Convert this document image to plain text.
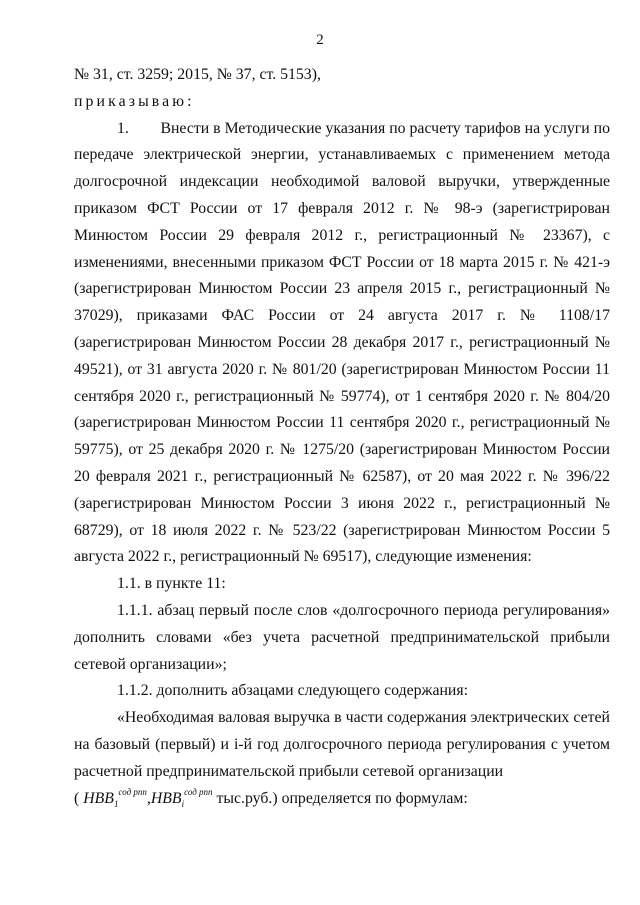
2

№ 31, ст. 3259; 2015, № 37, ст. 5153),

приказываю:

1.  Внести в Методические указания по расчету тарифов на услуги по передаче электрической энергии, устанавливаемых с применением метода долгосрочной индексации необходимой валовой выручки, утвержденные приказом ФСТ России от 17 февраля 2012 г. № 98-э (зарегистрирован Минюстом России 29 февраля 2012 г., регистрационный № 23367), с изменениями, внесенными приказом ФСТ России от 18 марта 2015 г. № 421-э (зарегистрирован Минюстом России 23 апреля 2015 г., регистрационный № 37029), приказами ФАС России от 24 августа 2017 г. № 1108/17 (зарегистрирован Минюстом России 28 декабря 2017 г., регистрационный № 49521), от 31 августа 2020 г. № 801/20 (зарегистрирован Минюстом России 11 сентября 2020 г., регистрационный № 59774), от 1 сентября 2020 г. № 804/20 (зарегистрирован Минюстом России 11 сентября 2020 г., регистрационный № 59775), от 25 декабря 2020 г. № 1275/20 (зарегистрирован Минюстом России 20 февраля 2021 г., регистрационный № 62587), от 20 мая 2022 г. № 396/22 (зарегистрирован Минюстом России 3 июня 2022 г., регистрационный № 68729), от 18 июля 2022 г. № 523/22 (зарегистрирован Минюстом России 5 августа 2022 г., регистрационный № 69517), следующие изменения:

1.1. в пункте 11:

1.1.1. абзац первый после слов «долгосрочного периода регулирования» дополнить словами «без учета расчетной предпринимательской прибыли сетевой организации»;

1.1.2. дополнить абзацами следующего содержания:

«Необходимая валовая выручка в части содержания электрических сетей на базовый (первый) и i-й год долгосрочного периода регулирования с учетом расчетной предпринимательской прибыли сетевой организации

(
$НВВ_1^{сод рпп}$ , $НВВ_i^{сод рпп}$
тыс.руб.) определяется по формулам:
